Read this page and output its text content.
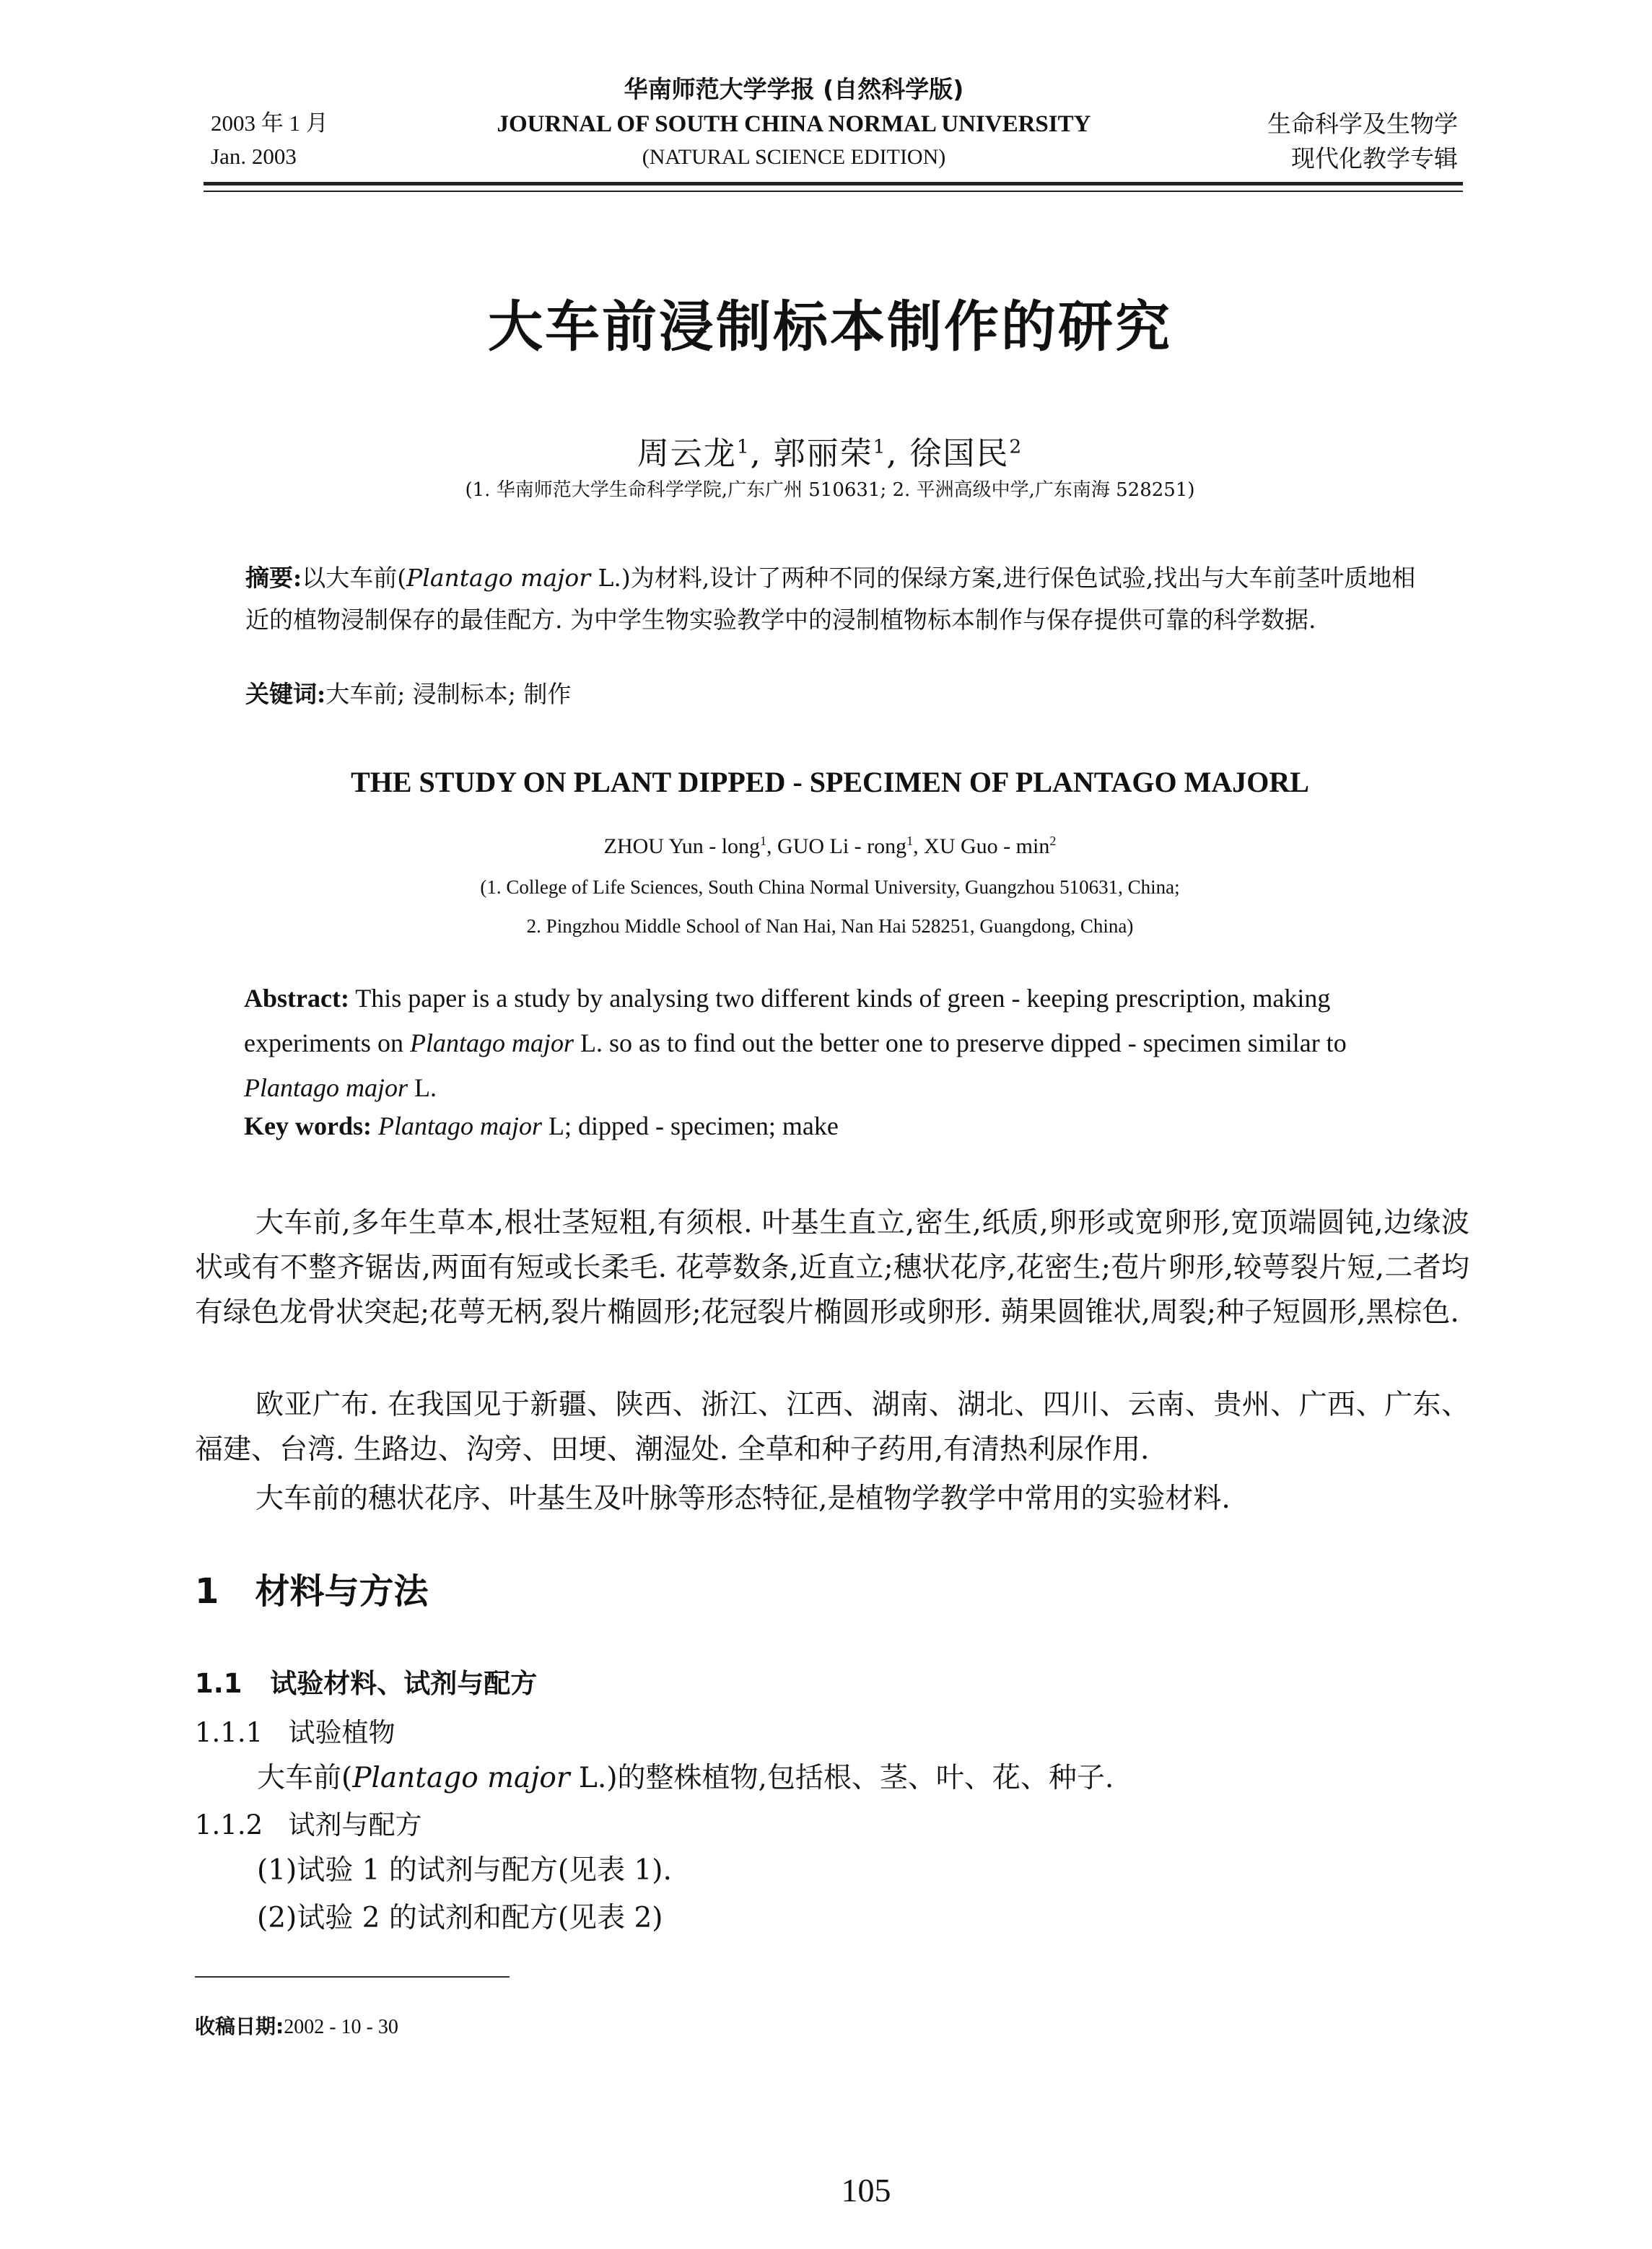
2003 年 1 月
Jan. 2003
华南师范大学学报 (自然科学版)
JOURNAL OF SOUTH CHINA NORMAL UNIVERSITY
(NATURAL SCIENCE EDITION)
生命科学及生物学
现代化教学专辑
大车前浸制标本制作的研究
周云龙$^1$, 郭丽荣$^1$, 徐国民$^2$
(1. 华南师范大学生命科学学院,广东广州 510631; 2. 平洲高级中学,广东南海 528251)
摘要:以大车前(Plantago major L.)为材料,设计了两种不同的保绿方案,进行保色试验,找出与大车前茎叶质地相近的植物浸制保存的最佳配方. 为中学生物实验教学中的浸制植物标本制作与保存提供可靠的科学数据.
关键词:大车前; 浸制标本; 制作
THE STUDY ON PLANT DIPPED - SPECIMEN OF PLANTAGO MAJORL
ZHOU Yun - long$^1$, GUO Li - rong$^1$, XU Guo - $\min^2$
(1. College of Life Sciences, South China Normal University, Guangzhou 510631, China;
2. Pingzhou Middle School of Nan Hai, Nan Hai 528251, Guangdong, China)
Abstract: This paper is a study by analysing two different kinds of green - keeping prescription, making experiments on Plantago major L. so as to find out the better one to preserve dipped - specimen similar to Plantago major L.
Key words: Plantago major L; dipped - specimen; make
大车前,多年生草本,根壮茎短粗,有须根. 叶基生直立,密生,纸质,卵形或宽卵形,宽顶端圆钝,边缘波状或有不整齐锯齿,两面有短或长柔毛. 花葶数条,近直立;穗状花序,花密生;苞片卵形,较萼裂片短,二者均有绿色龙骨状突起;花萼无柄,裂片椭圆形;花冠裂片椭圆形或卵形. 蒴果圆锥状,周裂;种子短圆形,黑棕色.
欧亚广布. 在我国见于新疆、陕西、浙江、江西、湖南、湖北、四川、云南、贵州、广西、广东、福建、台湾. 生路边、沟旁、田埂、潮湿处. 全草和种子药用,有清热利尿作用.
大车前的穗状花序、叶基生及叶脉等形态特征,是植物学教学中常用的实验材料.
1 材料与方法
1.1 试验材料、试剂与配方
1.1.1 试验植物
大车前(Plantago major L.)的整株植物,包括根、茎、叶、花、种子.
1.1.2 试剂与配方
(1)试验 1 的试剂与配方(见表 1).
(2)试验 2 的试剂和配方(见表 2)
收稿日期:2002 - 10 - 30
105
